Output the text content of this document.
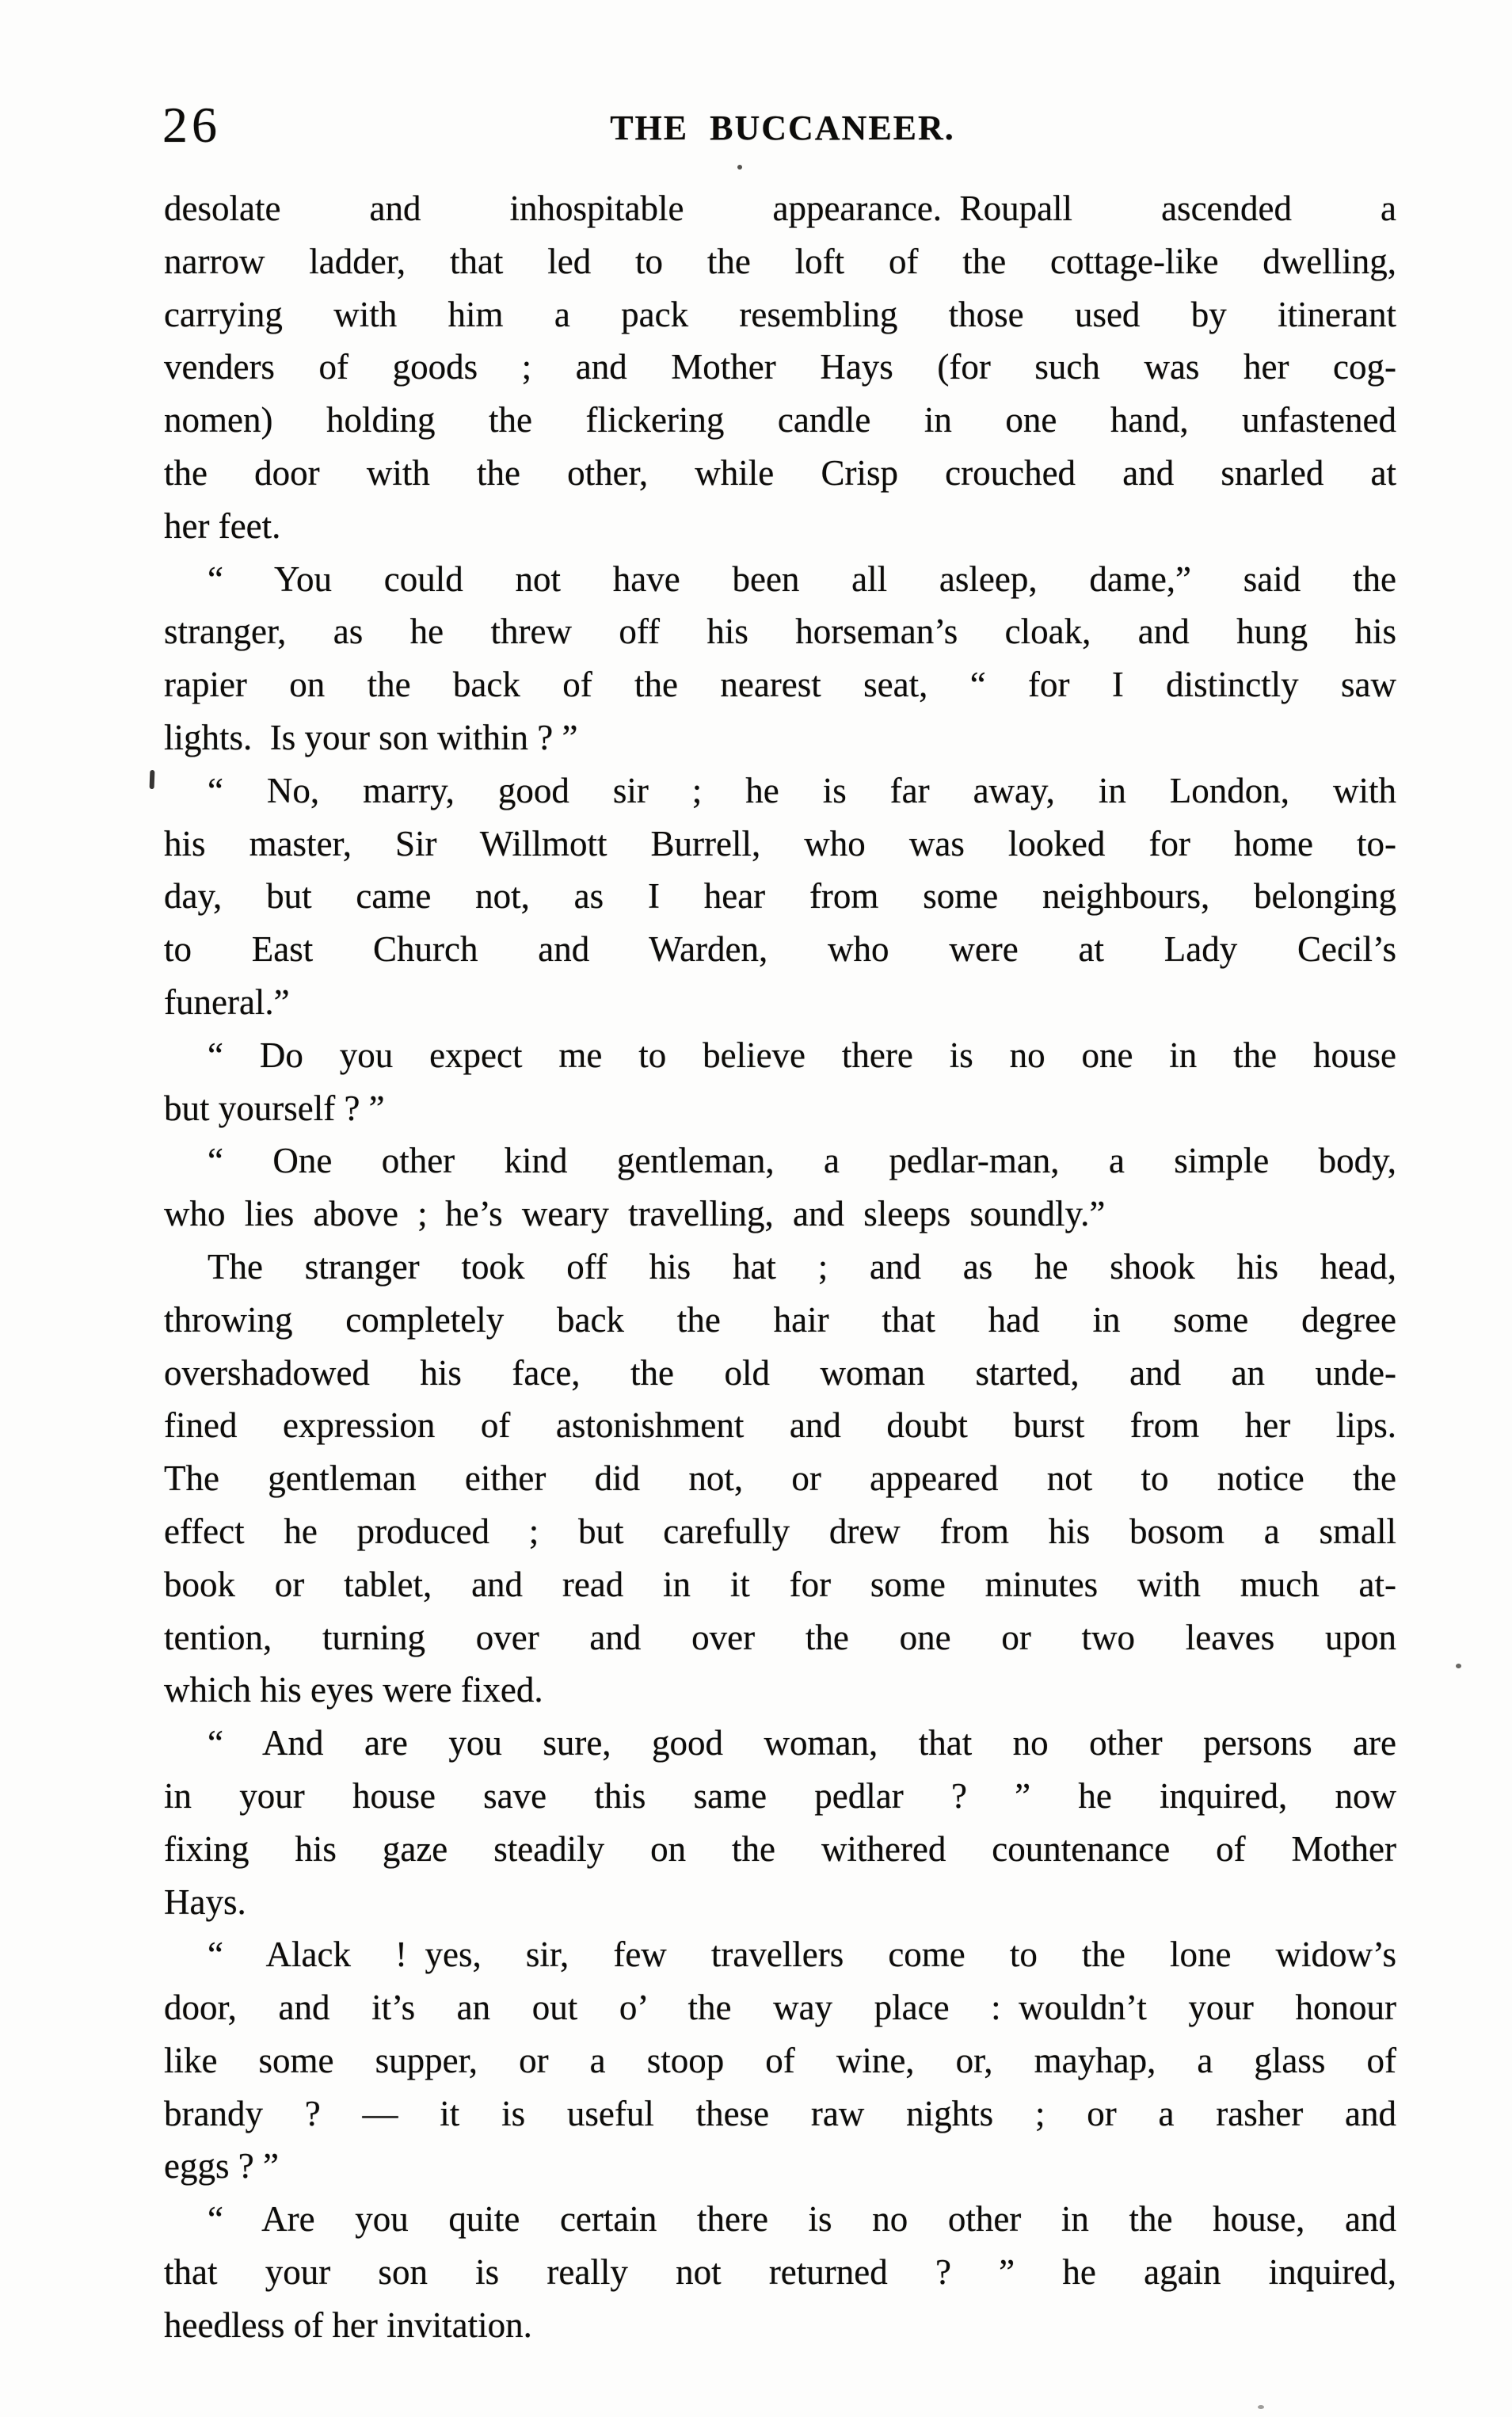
26	THE BUCCANEER.
desolate and inhospitable appearance. Roupall ascended a
narrow ladder, that led to the loft of the cottage-like dwelling,
carrying with him a pack resembling those used by itinerant
venders of goods ; and Mother Hays (for such was her cog-
nomen) holding the flickering candle in one hand, unfastened
the door with the other, while Crisp crouched and snarled at
her feet.
“ You could not have been all asleep, dame,” said the
stranger, as he threw off his horseman’s cloak, and hung his
rapier on the back of the nearest seat, “ for I distinctly saw
lights. Is your son within ? ”
“ No, marry, good sir ; he is far away, in London, with
his master, Sir Willmott Burrell, who was looked for home to-
day, but came not, as I hear from some neighbours, belonging
to East Church and Warden, who were at Lady Cecil’s
funeral.”
“ Do you expect me to believe there is no one in the house
but yourself ? ”
“ One other kind gentleman, a pedlar-man, a simple body,
who lies above ; he’s weary travelling, and sleeps soundly.”
The stranger took off his hat ; and as he shook his head,
throwing completely back the hair that had in some degree
overshadowed his face, the old woman started, and an unde-
fined expression of astonishment and doubt burst from her lips.
The gentleman either did not, or appeared not to notice the
effect he produced ; but carefully drew from his bosom a small
book or tablet, and read in it for some minutes with much at-
tention, turning over and over the one or two leaves upon
which his eyes were fixed.
“ And are you sure, good woman, that no other persons are
in your house save this same pedlar ? ” he inquired, now
fixing his gaze steadily on the withered countenance of Mother
Hays.
“ Alack ! yes, sir, few travellers come to the lone widow’s
door, and it’s an out o’ the way place : wouldn’t your honour
like some supper, or a stoop of wine, or, mayhap, a glass of
brandy ? — it is useful these raw nights ; or a rasher and
eggs ? ”
“ Are you quite certain there is no other in the house, and
that your son is really not returned ? ” he again inquired,
heedless of her invitation.
